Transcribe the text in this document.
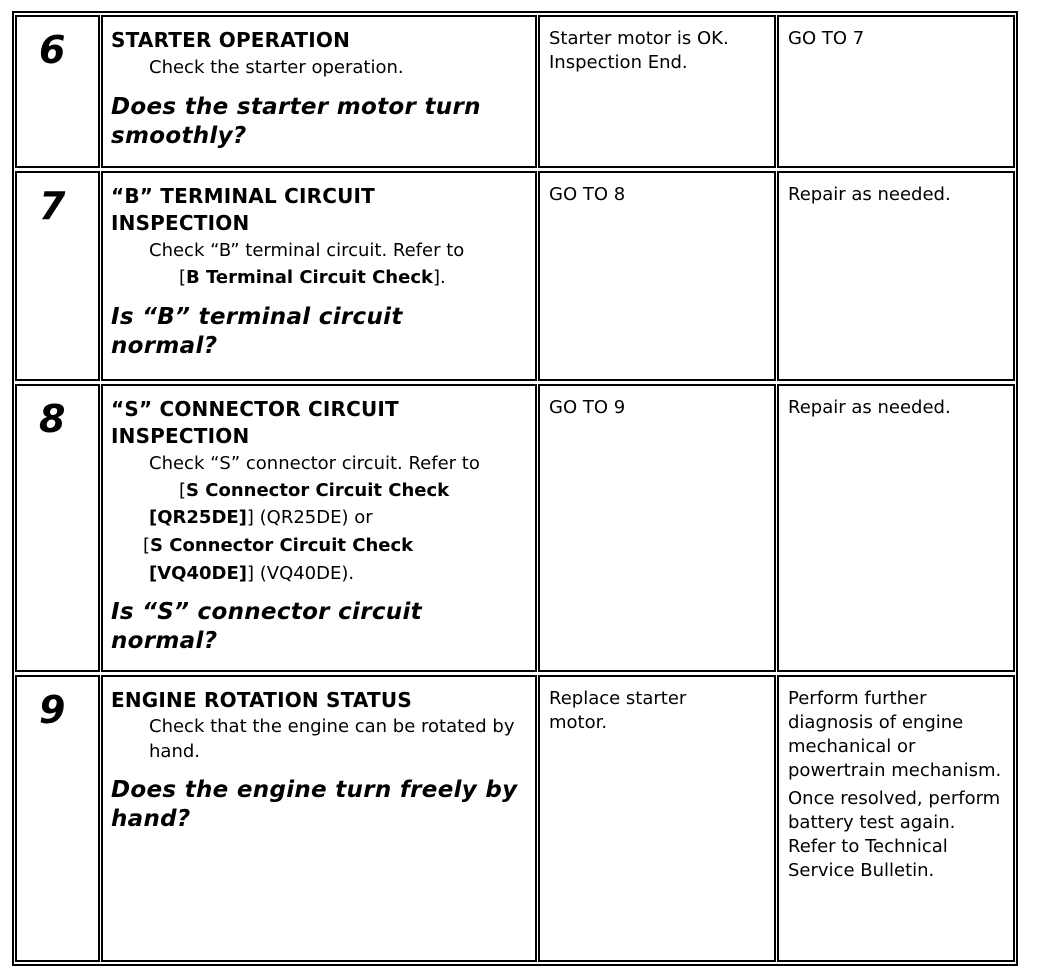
6 STARTER OPERATION
Check the starter operation.
Does the starter motor turn smoothly?

Starter motor is OK. Inspection End.

GO TO 7

7 “B” TERMINAL CIRCUIT INSPECTION
Check “B” terminal circuit. Refer to
[B Terminal Circuit Check].
Is “B” terminal circuit normal?

GO TO 8	Repair as needed.

8 “S” CONNECTOR CIRCUIT INSPECTION
Check “S” connector circuit. Refer to
[S Connector Circuit Check
[QR25DE]] (QR25DE) or
[S Connector Circuit Check
[VQ40DE]] (VQ40DE).
Is “S” connector circuit normal?

GO TO 9	Repair as needed.

9 ENGINE ROTATION STATUS
Check that the engine can be rotated by hand.
Does the engine turn freely by hand?

Replace starter motor.

Perform further diagnosis of engine mechanical or powertrain mechanism.

Once resolved, perform battery test again. Refer to Technical Service Bulletin.
